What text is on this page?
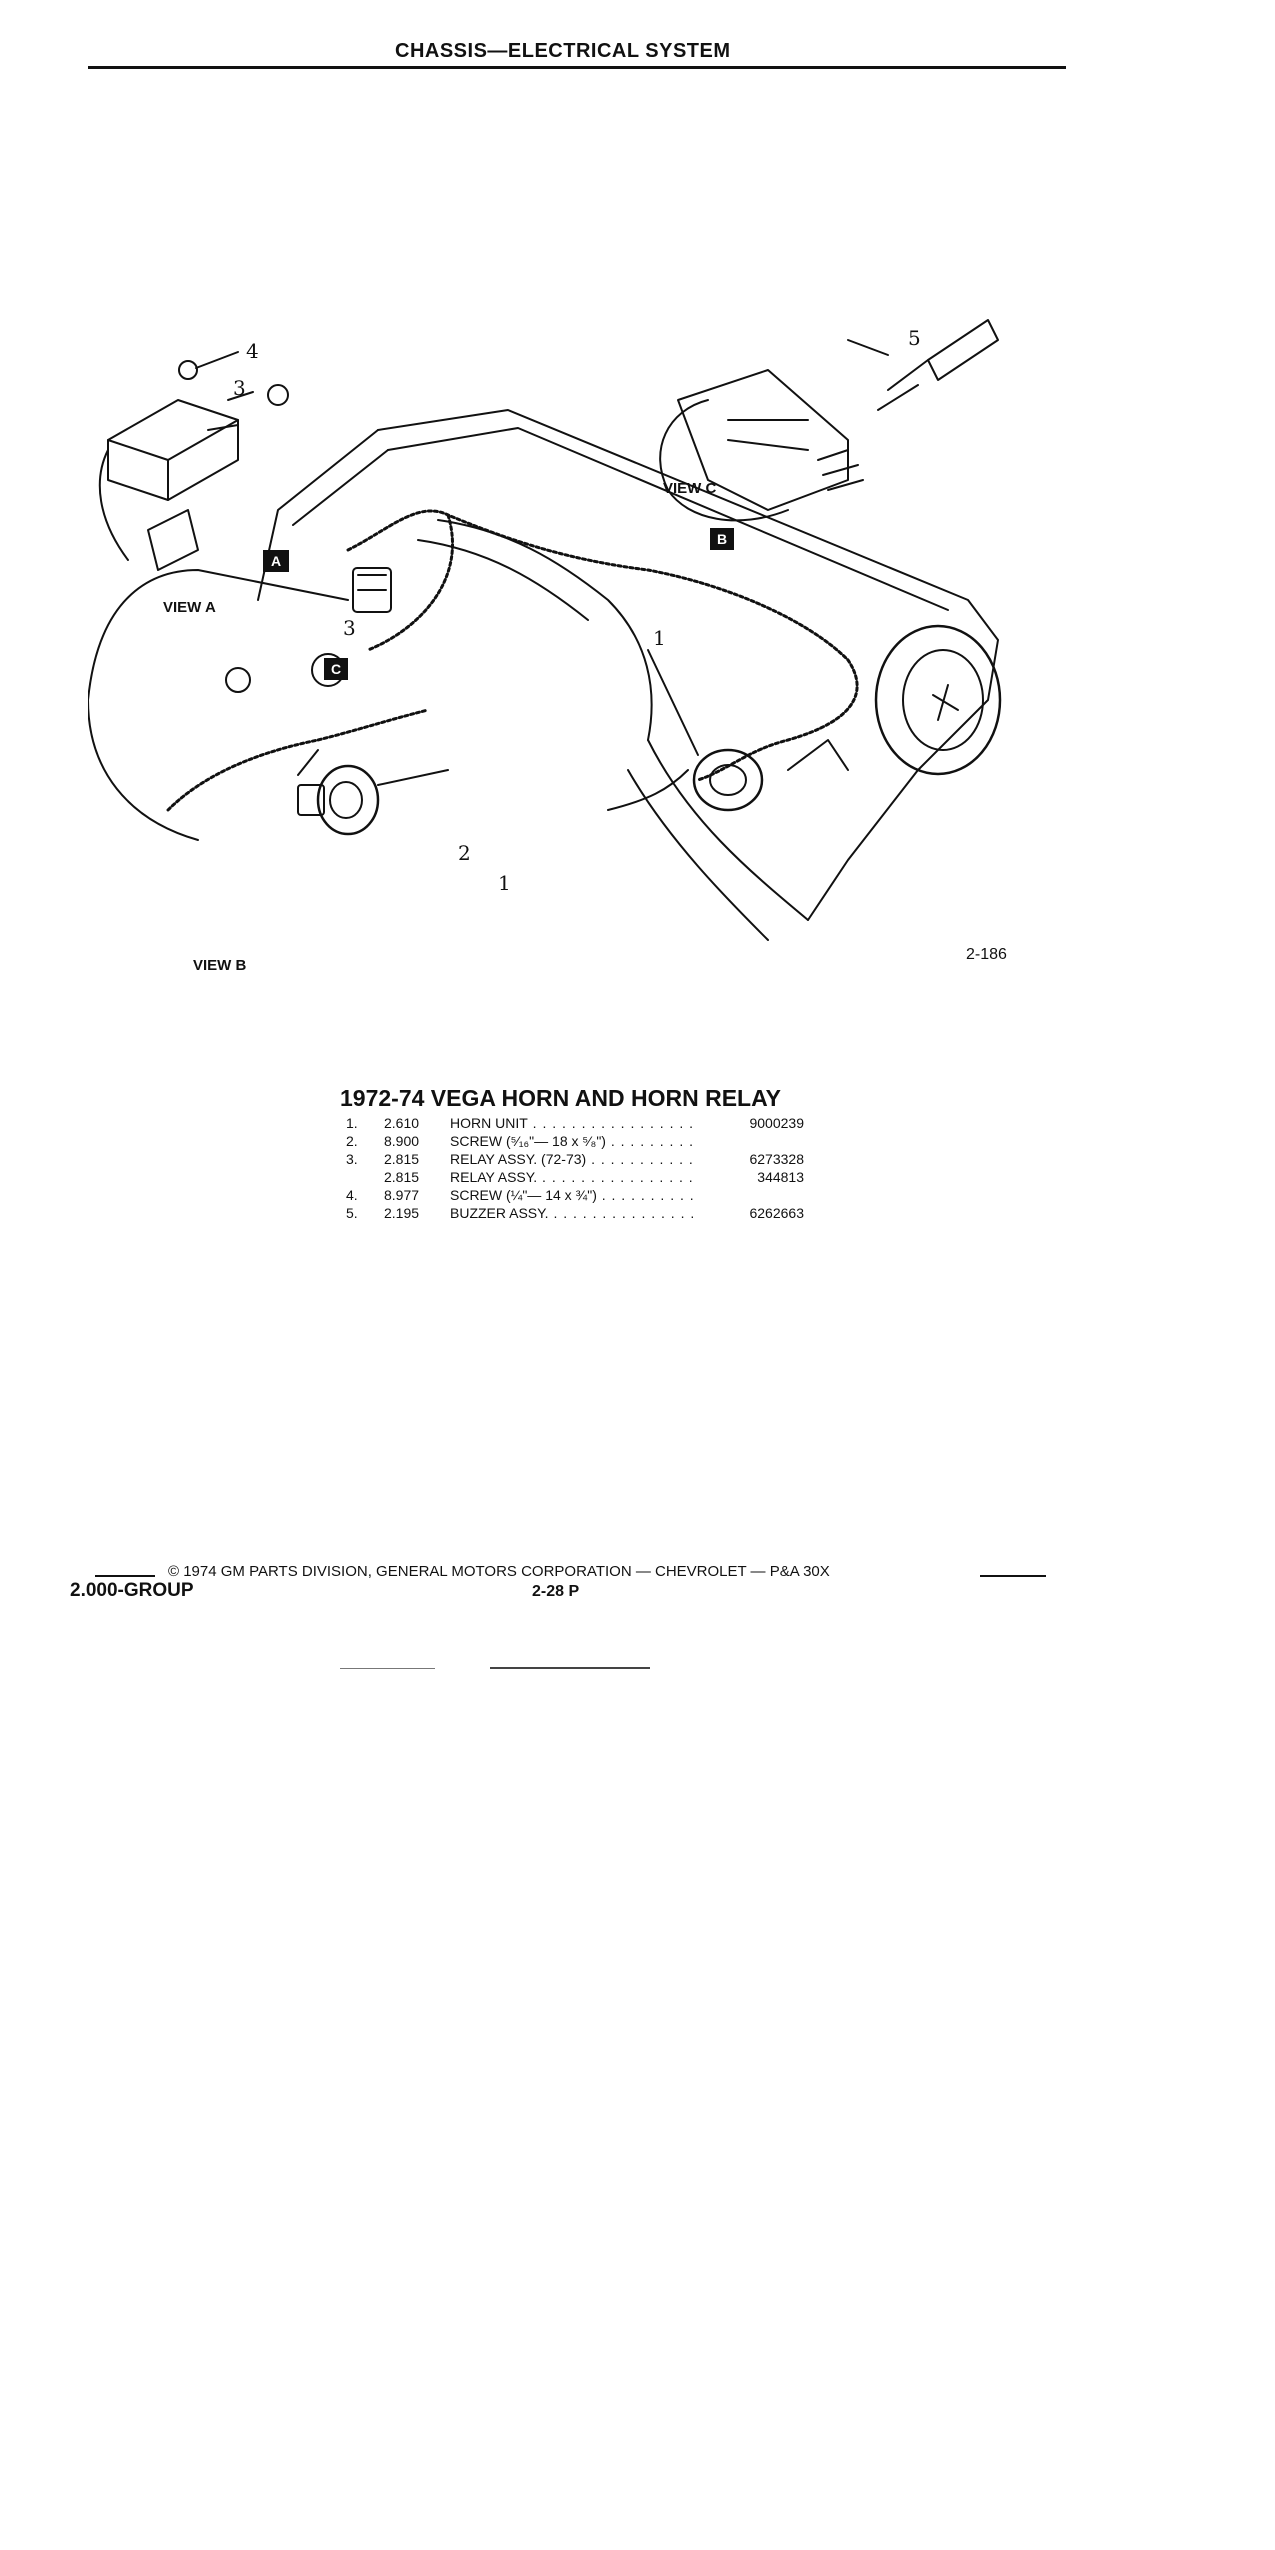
CHASSIS—ELECTRICAL SYSTEM
A
B
C
VIEW A
VIEW B
VIEW C
4
3
3	1
2
1
5
2-186
1972-74 VEGA HORN AND HORN RELAY
1.	2.610	HORN UNIT . . .	9000239
2.	8.900	SCREW (⁵⁄₁₆"— 18 x ⁵⁄₈") . . .
3.	2.815	RELAY ASSY. (72-73) . . .	6273328
2.815	RELAY ASSY. . . .	344813
4.	8.977	SCREW (¼"— 14 x ¾") . . .
5.	2.195	BUZZER ASSY. . . .	6262663
© 1974 GM PARTS DIVISION, GENERAL MOTORS CORPORATION — CHEVROLET — P&A 30X
2.000-GROUP	2-28 P
